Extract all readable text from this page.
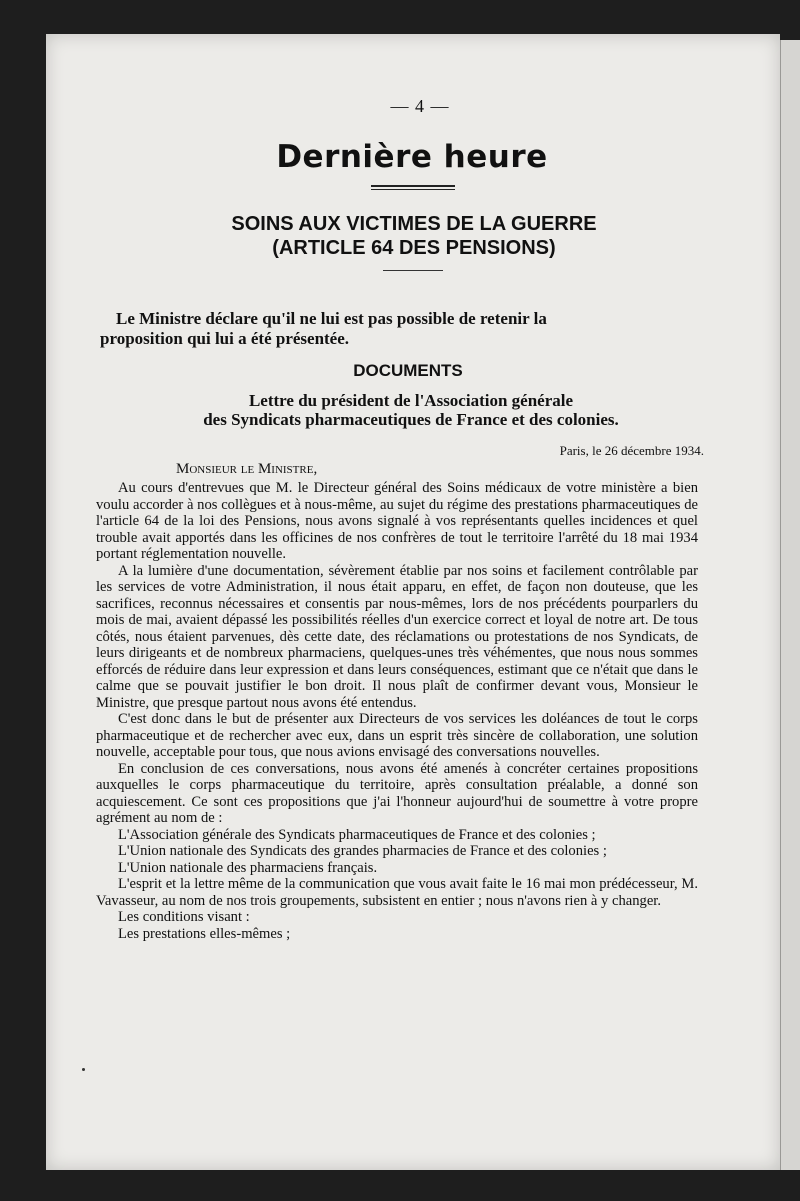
— 4 —
Dernière heure
SOINS AUX VICTIMES DE LA GUERRE
(ARTICLE 64 DES PENSIONS)
Le Ministre déclare qu'il ne lui est pas possible de retenir la
proposition qui lui a été présentée.
DOCUMENTS
Lettre du président de l'Association générale
des Syndicats pharmaceutiques de France et des colonies.
Paris, le 26 décembre 1934.
Monsieur le Ministre,

Au cours d'entrevues que M. le Directeur général des Soins médicaux de votre ministère a bien voulu accorder à nos collègues et à nous-même, au sujet du régime des prestations pharmaceutiques de l'article 64 de la loi des Pensions, nous avons signalé à vos représentants quelles incidences et quel trouble avait apportés dans les officines de nos confrères de tout le territoire l'arrêté du 18 mai 1934 portant réglementation nouvelle.

A la lumière d'une documentation, sévèrement établie par nos soins et facilement contrôlable par les services de votre Administration, il nous était apparu, en effet, de façon non douteuse, que les sacrifices, reconnus nécessaires et consentis par nous-mêmes, lors de nos précédents pourparlers du mois de mai, avaient dépassé les possibilités réelles d'un exercice correct et loyal de notre art. De tous côtés, nous étaient parvenues, dès cette date, des réclamations ou protestations de nos Syndicats, de leurs dirigeants et de nombreux pharmaciens, quelques-unes très véhémentes, que nous nous sommes efforcés de réduire dans leur expression et dans leurs conséquences, estimant que ce n'était que dans le calme que se pouvait justifier le bon droit. Il nous plaît de confirmer devant vous, Monsieur le Ministre, que presque partout nous avons été entendus.

C'est donc dans le but de présenter aux Directeurs de vos services les doléances de tout le corps pharmaceutique et de rechercher avec eux, dans un esprit très sincère de collaboration, une solution nouvelle, acceptable pour tous, que nous avions envisagé des conversations nouvelles.

En conclusion de ces conversations, nous avons été amenés à concréter certaines propositions auxquelles le corps pharmaceutique du territoire, après consultation préalable, a donné son acquiescement. Ce sont ces propositions que j'ai l'honneur aujourd'hui de soumettre à votre propre agrément au nom de :

L'Association générale des Syndicats pharmaceutiques de France et des colonies ;

L'Union nationale des Syndicats des grandes pharmacies de France et des colonies ;

L'Union nationale des pharmaciens français.

L'esprit et la lettre même de la communication que vous avait faite le 16 mai mon prédécesseur, M. Vavasseur, au nom de nos trois groupements, subsistent en entier ; nous n'avons rien à y changer.

Les conditions visant :

Les prestations elles-mêmes ;
